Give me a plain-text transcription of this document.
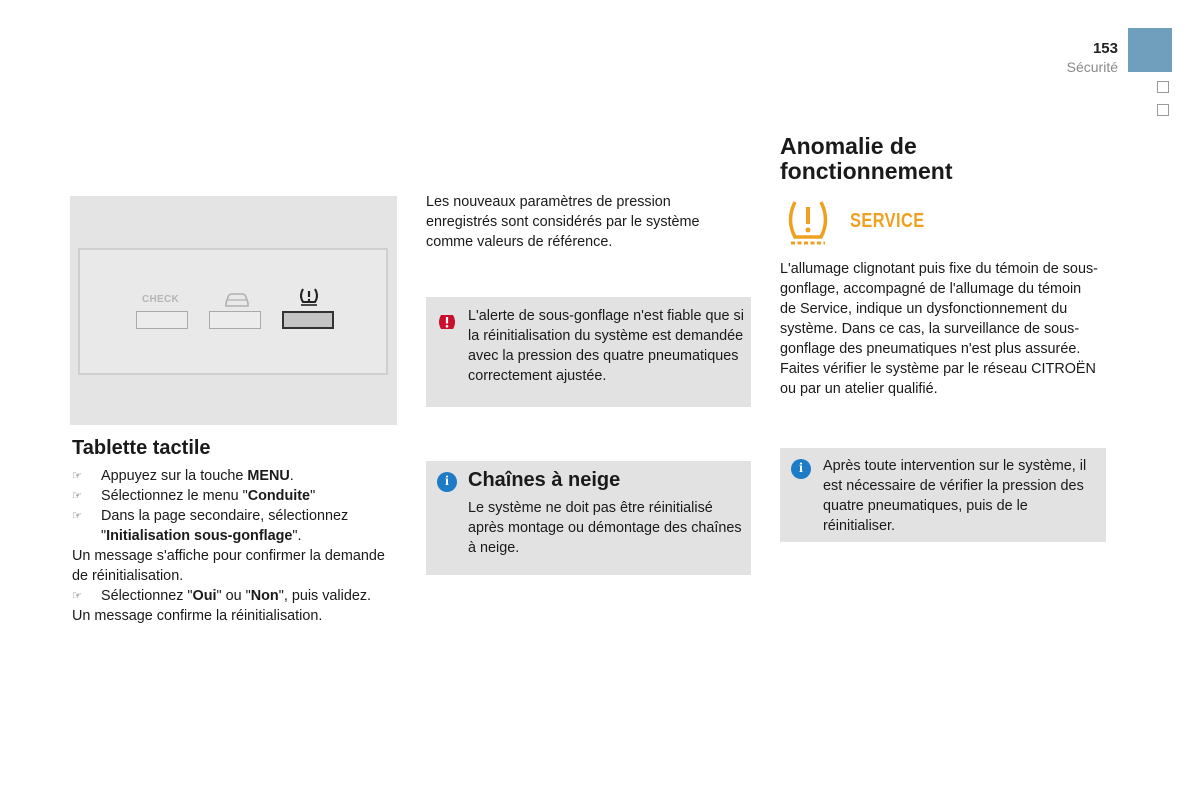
153
Sécurité
CHECK
Tablette tactile
☞ Appuyez sur la touche MENU.
☞ Sélectionnez le menu "Conduite"
☞ Dans la page secondaire, sélectionnez "Initialisation sous-gonflage".
Un message s'affiche pour confirmer la demande de réinitialisation.
☞ Sélectionnez "Oui" ou "Non", puis validez.
Un message confirme la réinitialisation.
Les nouveaux paramètres de pression enregistrés sont considérés par le système comme valeurs de référence.
L'alerte de sous-gonflage n'est fiable que si la réinitialisation du système est demandée avec la pression des quatre pneumatiques correctement ajustée.
i Chaînes à neige
Le système ne doit pas être réinitialisé après montage ou démontage des chaînes à neige.
Anomalie de
fonctionnement
SERVICE
L'allumage clignotant puis fixe du témoin de sous-gonflage, accompagné de l'allumage du témoin de Service, indique un dysfonctionnement du système. Dans ce cas, la surveillance de sous-gonflage des pneumatiques n'est plus assurée. Faites vérifier le système par le réseau CITROËN ou par un atelier qualifié.
i	Après toute intervention sur le système, il est nécessaire de vérifier la pression des quatre pneumatiques, puis de le réinitialiser.
